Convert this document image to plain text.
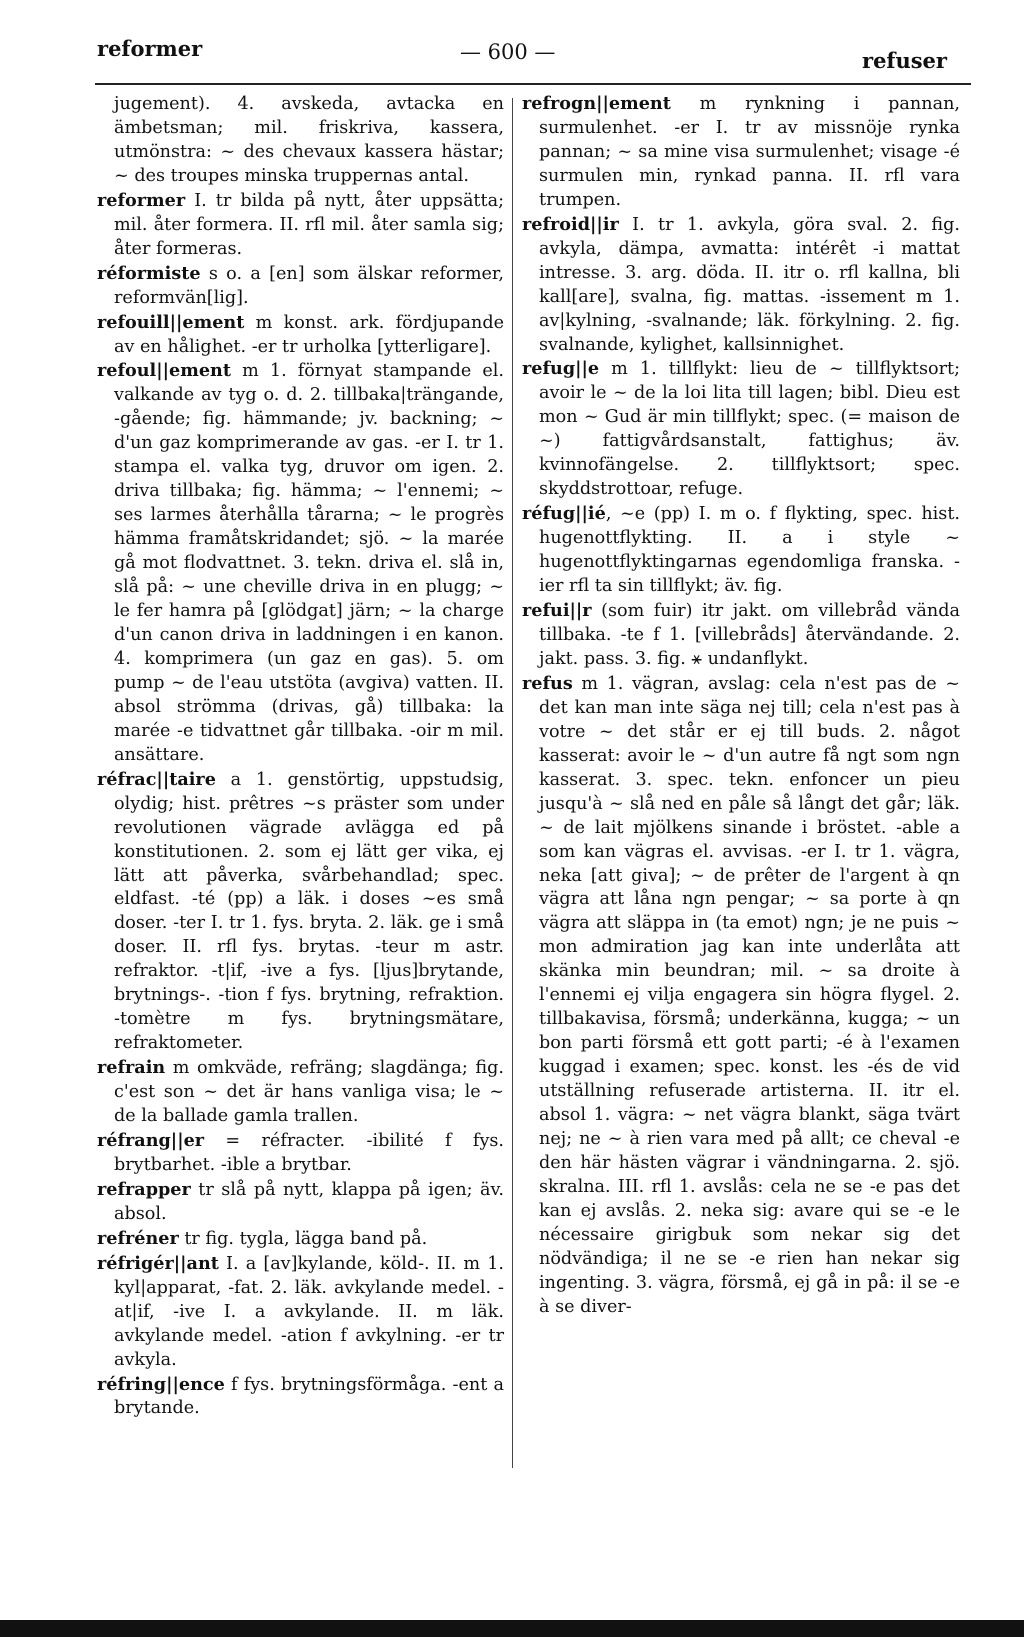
reformer	— 600 —	refuser

jugement). 4. avskeda, avtacka en ämbetsman; mil. friskriva, kassera, utmönstra: ~ des chevaux kassera hästar; ~ des troupes minska truppernas antal.

reformer I. tr bilda på nytt, åter uppsätta; mil. åter formera. II. rfl mil. åter samla sig; åter formeras.

réformiste s o. a [en] som älskar reformer, reformvän[lig].

refouill||ement m konst. ark. fördjupande av en hålighet. -er tr urholka [ytterligare].

refoul||ement m 1. förnyat stampande el. valkande av tyg o. d. 2. tillbaka|trängande, -gående; fig. hämmande; jv. backning; ~ d'un gaz komprimerande av gas. -er I. tr 1. stampa el. valka tyg, druvor om igen. 2. driva tillbaka; fig. hämma; ~ l'ennemi; ~ ses larmes återhålla tårarna; ~ le progrès hämma framåtskridandet; sjö. ~ la marée gå mot flodvattnet. 3. tekn. driva el. slå in, slå på: ~ une cheville driva in en plugg; ~ le fer hamra på [glödgat] järn; ~ la charge d'un canon driva in laddningen i en kanon. 4. komprimera (un gaz en gas). 5. om pump ~ de l'eau utstöta (avgiva) vatten. II. absol strömma (drivas, gå) tillbaka: la marée -e tidvattnet går tillbaka. -oir m mil. ansättare.

réfrac||taire a 1. genstörtig, uppstudsig, olydig; hist. prêtres ~s präster som under revolutionen vägrade avlägga ed på konstitutionen. 2. som ej lätt ger vika, ej lätt att påverka, svårbehandlad; spec. eldfast. -té (pp) a läk. i doses ~es små doser. -ter I. tr 1. fys. bryta. 2. läk. ge i små doser. II. rfl fys. brytas. -teur m astr. refraktor. -t|if, -ive a fys. [ljus]brytande, brytnings-. -tion f fys. brytning, refraktion. -tomètre m fys. brytningsmätare, refraktometer.

refrain m omkväde, refräng; slagdänga; fig. c'est son ~ det är hans vanliga visa; le ~ de la ballade gamla trallen.

réfrang||er = réfracter. -ibilité f fys. brytbarhet. -ible a brytbar.

refrapper tr slå på nytt, klappa på igen; äv. absol.

refréner tr fig. tygla, lägga band på.

réfrigér||ant I. a [av]kylande, köld-. II. m 1. kyl|apparat, -fat. 2. läk. avkylande medel. -at|if, -ive I. a avkylande. II. m läk. avkylande medel. -ation f avkylning. -er tr avkyla.

réfring||ence f fys. brytningsförmåga. -ent a brytande.

refrogn||ement m rynkning i pannan, surmulenhet. -er I. tr av missnöje rynka pannan; ~ sa mine visa surmulenhet; visage -é surmulen min, rynkad panna. II. rfl vara trumpen.

refroid||ir I. tr 1. avkyla, göra sval. 2. fig. avkyla, dämpa, avmatta: intérêt -i mattat intresse. 3. arg. döda. II. itr o. rfl kallna, bli kall[are], svalna, fig. mattas. -issement m 1. av|kylning, -svalnande; läk. förkylning. 2. fig. svalnande, kylighet, kallsinnighet.

refug||e m 1. tillflykt: lieu de ~ tillflyktsort; avoir le ~ de la loi lita till lagen; bibl. Dieu est mon ~ Gud är min tillflykt; spec. (= maison de ~) fattigvårdsanstalt, fattighus; äv. kvinnofängelse. 2. tillflyktsort; spec. skyddstrottoar, refuge.

réfug||ié, ~e (pp) I. m o. f flykting, spec. hist. hugenottflykting. II. a i style ~ hugenottflyktingarnas egendomliga franska. -ier rfl ta sin tillflykt; äv. fig.

refui||r (som fuir) itr jakt. om villebråd vända tillbaka. -te f 1. [villebråds] återvändande. 2. jakt. pass. 3. fig. ⚹ undanflykt.

refus m 1. vägran, avslag: cela n'est pas de ~ det kan man inte säga nej till; cela n'est pas à votre ~ det står er ej till buds. 2. något kasserat: avoir le ~ d'un autre få ngt som ngn kasserat. 3. spec. tekn. enfoncer un pieu jusqu'à ~ slå ned en påle så långt det går; läk. ~ de lait mjölkens sinande i bröstet. -able a som kan vägras el. avvisas. -er I. tr 1. vägra, neka [att giva]; ~ de prêter de l'argent à qn vägra att låna ngn pengar; ~ sa porte à qn vägra att släppa in (ta emot) ngn; je ne puis ~ mon admiration jag kan inte underlåta att skänka min beundran; mil. ~ sa droite à l'ennemi ej vilja engagera sin högra flygel. 2. tillbakavisa, försmå; underkänna, kugga; ~ un bon parti försmå ett gott parti; -é à l'examen kuggad i examen; spec. konst. les -és de vid utställning refuserade artisterna. II. itr el. absol 1. vägra: ~ net vägra blankt, säga tvärt nej; ne ~ à rien vara med på allt; ce cheval -e den här hästen vägrar i vändningarna. 2. sjö. skralna. III. rfl 1. avslås: cela ne se -e pas det kan ej avslås. 2. neka sig: avare qui se -e le nécessaire girigbuk som nekar sig det nödvändiga; il ne se -e rien han nekar sig ingenting. 3. vägra, försmå, ej gå in på: il se -e à se diver-
